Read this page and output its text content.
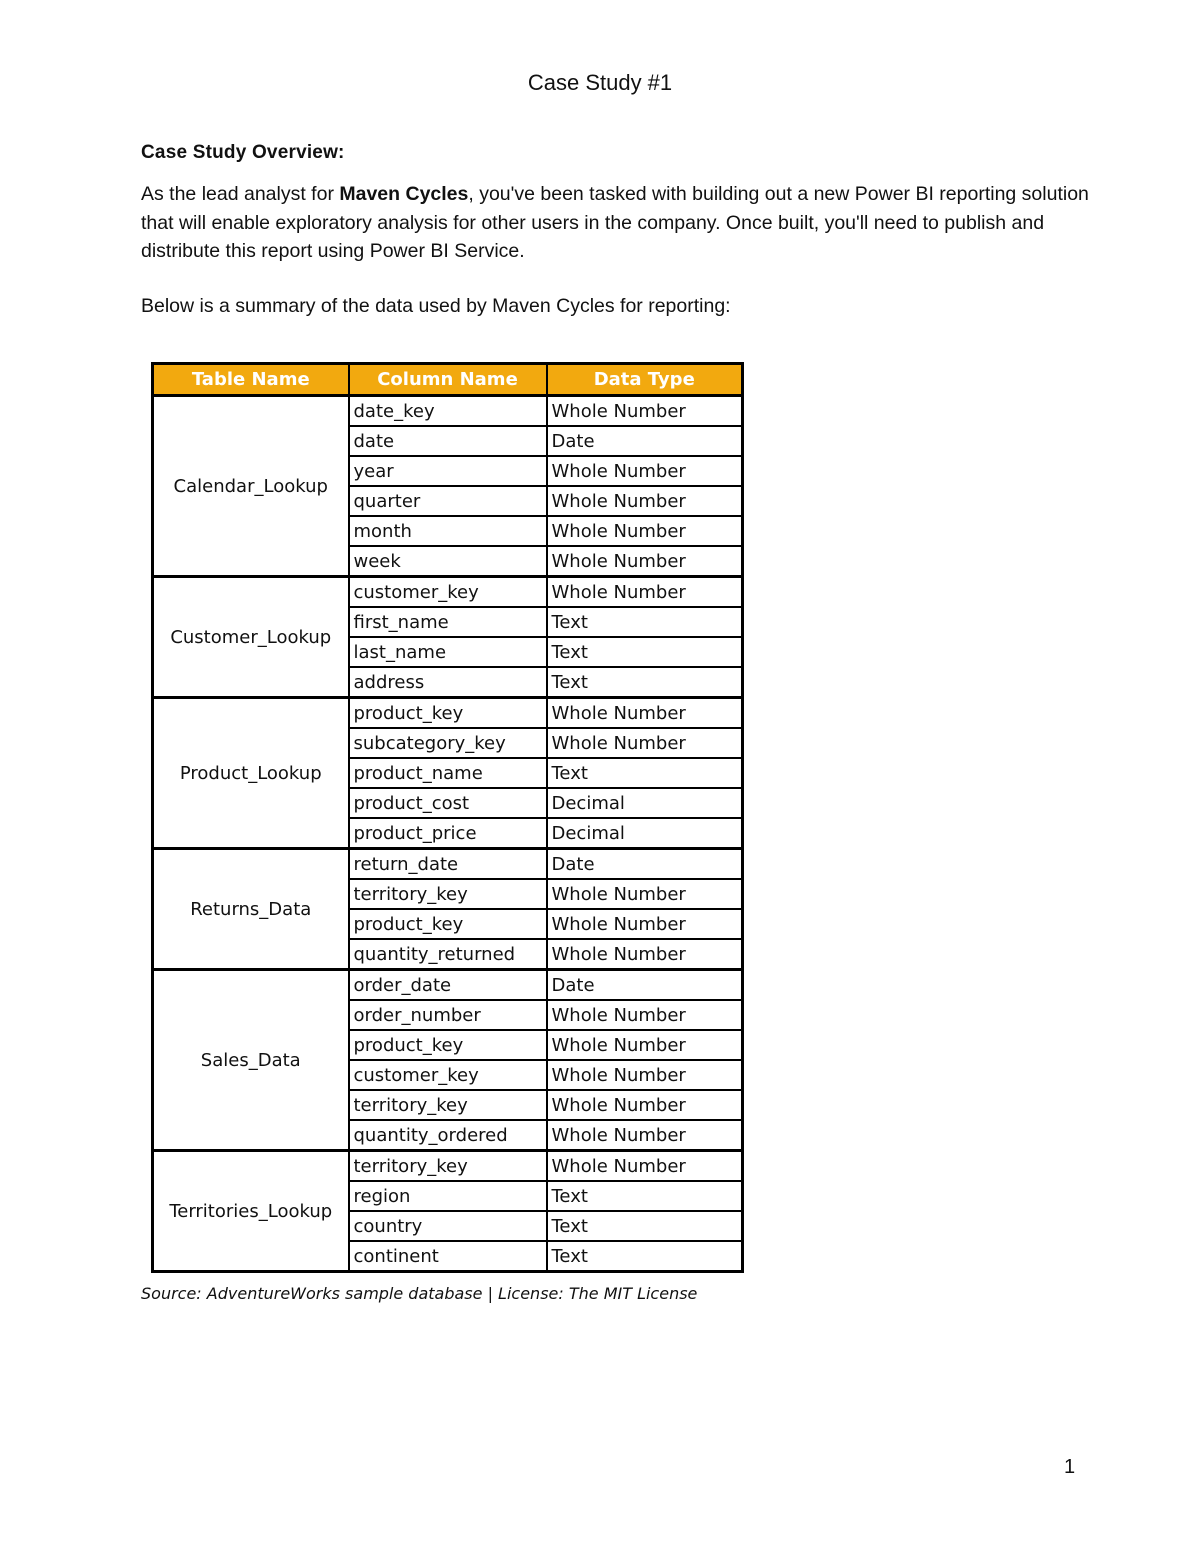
Case Study #1
Case Study Overview:
As the lead analyst for Maven Cycles, you've been tasked with building out a new Power BI reporting solution that will enable exploratory analysis for other users in the company. Once built, you'll need to publish and distribute this report using Power BI Service.
Below is a summary of the data used by Maven Cycles for reporting:
Table Name	Column Name	Data Type
Calendar_Lookup	date_key	Whole Number
	date	Date
	year	Whole Number
	quarter	Whole Number
	month	Whole Number
	week	Whole Number
Customer_Lookup	customer_key	Whole Number
	first_name	Text
	last_name	Text
	address	Text
Product_Lookup	product_key	Whole Number
	subcategory_key	Whole Number
	product_name	Text
	product_cost	Decimal
	product_price	Decimal
Returns_Data	return_date	Date
	territory_key	Whole Number
	product_key	Whole Number
	quantity_returned	Whole Number
Sales_Data	order_date	Date
	order_number	Whole Number
	product_key	Whole Number
	customer_key	Whole Number
	territory_key	Whole Number
	quantity_ordered	Whole Number
Territories_Lookup	territory_key	Whole Number
	region	Text
	country	Text
	continent	Text
Source: AdventureWorks sample database | License: The MIT License
1
